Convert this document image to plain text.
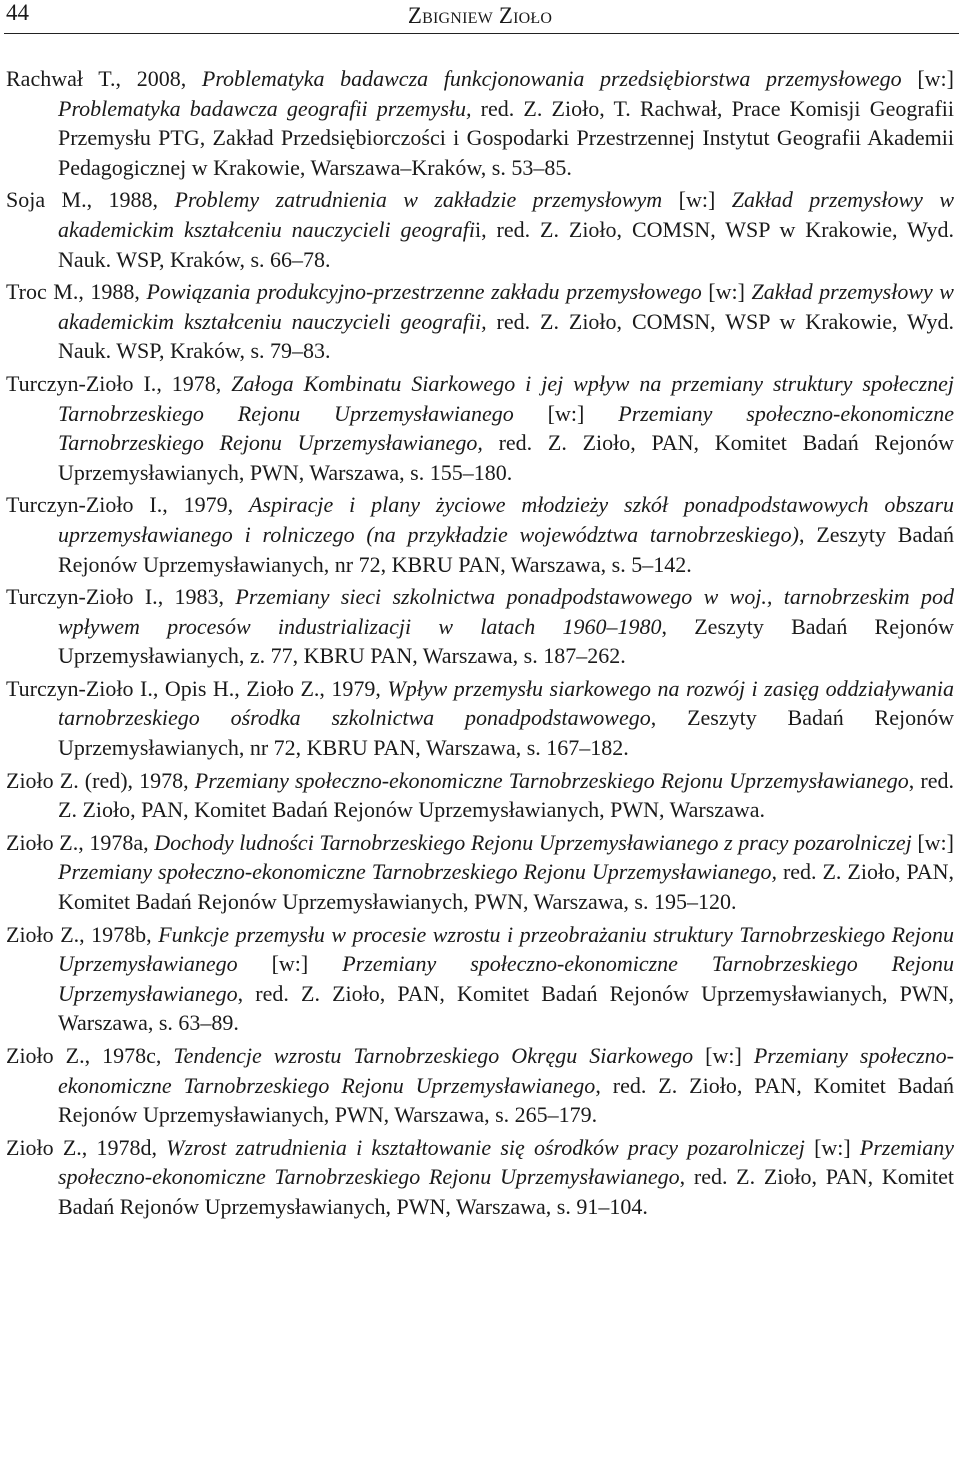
44	Zbigniew Zioło

Rachwał T., 2008, Problematyka badawcza funkcjonowania przedsiębiorstwa przemysłowego [w:] Problematyka badawcza geografii przemysłu, red. Z. Zioło, T. Rachwał, Prace Komisji Geografii Przemysłu PTG, Zakład Przedsiębiorczości i Gospodarki Przestrzennej Instytut Geografii Akademii Pedagogicznej w Krakowie, Warszawa–Kraków, s. 53–85.

Soja M., 1988, Problemy zatrudnienia w zakładzie przemysłowym [w:] Zakład przemysłowy w akademickim kształceniu nauczycieli geografii, red. Z. Zioło, COMSN, WSP w Krakowie, Wyd. Nauk. WSP, Kraków, s. 66–78.

Troc M., 1988, Powiązania produkcyjno-przestrzenne zakładu przemysłowego [w:] Zakład przemysłowy w akademickim kształceniu nauczycieli geografii, red. Z. Zioło, COMSN, WSP w Krakowie, Wyd. Nauk. WSP, Kraków, s. 79–83.

Turczyn-Zioło I., 1978, Załoga Kombinatu Siarkowego i jej wpływ na przemiany struktury społecznej Tarnobrzeskiego Rejonu Uprzemysławianego [w:] Przemiany społeczno-ekonomiczne Tarnobrzeskiego Rejonu Uprzemysławianego, red. Z. Zioło, PAN, Komitet Badań Rejonów Uprzemysławianych, PWN, Warszawa, s. 155–180.

Turczyn-Zioło I., 1979, Aspiracje i plany życiowe młodzieży szkół ponadpodstawowych obszaru uprzemysławianego i rolniczego (na przykładzie województwa tarnobrzeskiego), Zeszyty Badań Rejonów Uprzemysławianych, nr 72, KBRU PAN, Warszawa, s. 5–142.

Turczyn-Zioło I., 1983, Przemiany sieci szkolnictwa ponadpodstawowego w woj., tarnobrzeskim pod wpływem procesów industrializacji w latach 1960–1980, Zeszyty Badań Rejonów Uprzemysławianych, z. 77, KBRU PAN, Warszawa, s. 187–262.

Turczyn-Zioło I., Opis H., Zioło Z., 1979, Wpływ przemysłu siarkowego na rozwój i zasięg oddziaływania tarnobrzeskiego ośrodka szkolnictwa ponadpodstawowego, Zeszyty Badań Rejonów Uprzemysławianych, nr 72, KBRU PAN, Warszawa, s. 167–182.

Zioło Z. (red), 1978, Przemiany społeczno-ekonomiczne Tarnobrzeskiego Rejonu Uprzemysławianego, red. Z. Zioło, PAN, Komitet Badań Rejonów Uprzemysławianych, PWN, Warszawa.

Zioło Z., 1978a, Dochody ludności Tarnobrzeskiego Rejonu Uprzemysławianego z pracy pozarolniczej [w:] Przemiany społeczno-ekonomiczne Tarnobrzeskiego Rejonu Uprzemysławianego, red. Z. Zioło, PAN, Komitet Badań Rejonów Uprzemysławianych, PWN, Warszawa, s. 195–120.

Zioło Z., 1978b, Funkcje przemysłu w procesie wzrostu i przeobrażaniu struktury Tarnobrzeskiego Rejonu Uprzemysławianego [w:] Przemiany społeczno-ekonomiczne Tarnobrzeskiego Rejonu Uprzemysławianego, red. Z. Zioło, PAN, Komitet Badań Rejonów Uprzemysławianych, PWN, Warszawa, s. 63–89.

Zioło Z., 1978c, Tendencje wzrostu Tarnobrzeskiego Okręgu Siarkowego [w:] Przemiany społeczno-ekonomiczne Tarnobrzeskiego Rejonu Uprzemysławianego, red. Z. Zioło, PAN, Komitet Badań Rejonów Uprzemysławianych, PWN, Warszawa, s. 265–179.

Zioło Z., 1978d, Wzrost zatrudnienia i kształtowanie się ośrodków pracy pozarolniczej [w:] Przemiany społeczno-ekonomiczne Tarnobrzeskiego Rejonu Uprzemysławianego, red. Z. Zioło, PAN, Komitet Badań Rejonów Uprzemysławianych, PWN, Warszawa, s. 91–104.
